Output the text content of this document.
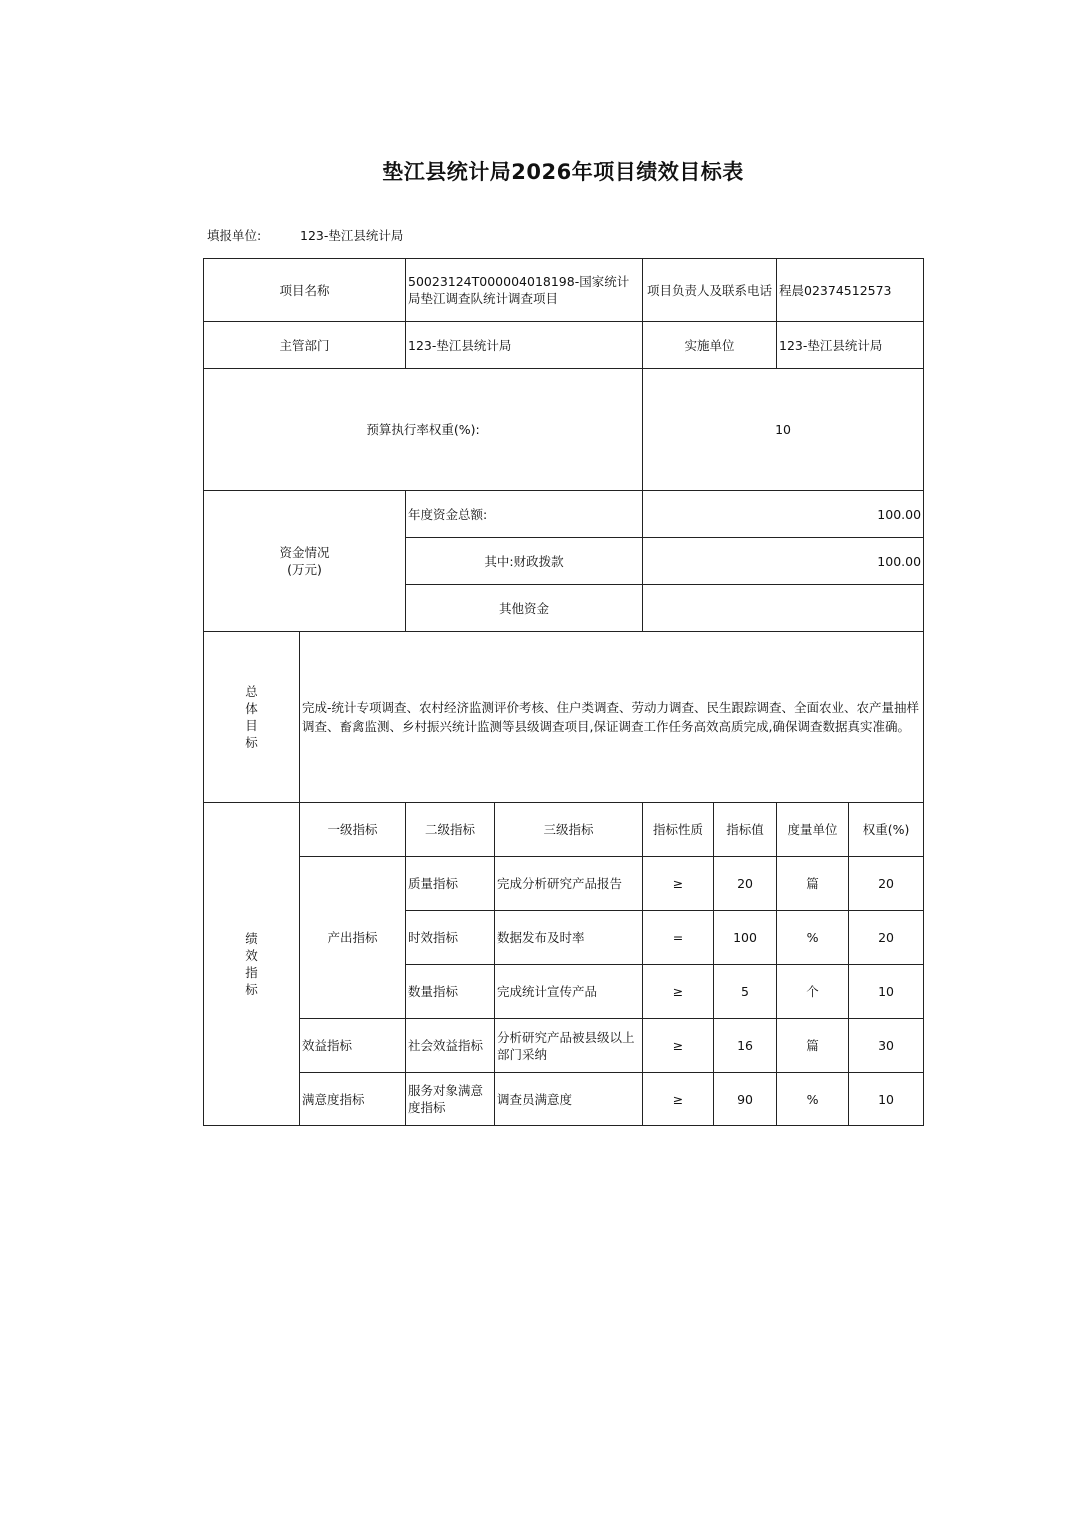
垫江县统计局2026年项目绩效目标表
填报单位:	123-垫江县统计局
项目名称		50023124T000004018198-国家统计局垫江调查队统计调查项目		项目负责人及联系电话		程晨02374512573	
主管部门		123-垫江县统计局		实施单位		123-垫江县统计局	
预算执行率权重(%):				10			
资金情况
(万元)		年度资金总额:		100.00			
		其中:财政拨款		100.00			
		其他资金					

总
体
目
标	完成-统计专项调查、农村经济监测评价考核、住户类调查、劳动力调查、民生跟踪调查、全面农业、农产量抽样调查、畜禽监测、乡村振兴统计监测等县级调查项目,保证调查工作任务高效高质完成,确保调查数据真实准确。						

绩
效
指
标	一级指标	二级指标	三级指标	指标性质	指标值	度量单位	权重(%)
	产出指标	质量指标	完成分析研究产品报告	≥	20	篇	20
		时效指标	数据发布及时率	=	100	%	20
		数量指标	完成统计宣传产品	≥	5	个	10
	效益指标	社会效益指标	分析研究产品被县级以上部门采纳	≥	16	篇	30
	满意度指标	服务对象满意度指标	调查员满意度	≥	90	%	10
